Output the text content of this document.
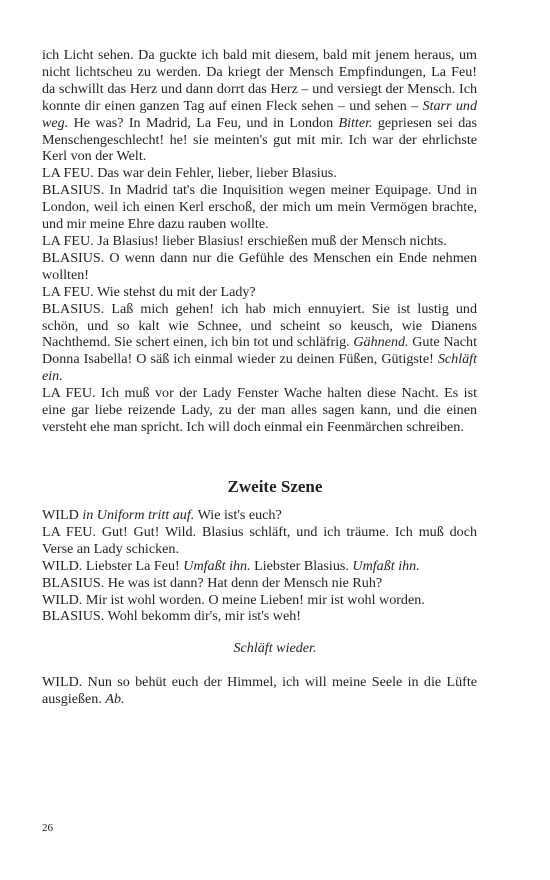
ich Licht sehen. Da guckte ich bald mit diesem, bald mit jenem heraus, um nicht lichtscheu zu werden. Da kriegt der Mensch Empfindungen, La Feu! da schwillt das Herz und dann dorrt das Herz – und versiegt der Mensch. Ich konnte dir einen ganzen Tag auf einen Fleck sehen – und sehen – Starr und weg. He was? In Madrid, La Feu, und in London Bitter. gepriesen sei das Menschengeschlecht! he! sie meinten's gut mit mir. Ich war der ehrlichste Kerl von der Welt.

LA FEU. Das war dein Fehler, lieber, lieber Blasius.

BLASIUS. In Madrid tat's die Inquisition wegen meiner Equipage. Und in London, weil ich einen Kerl erschoß, der mich um mein Vermögen brachte, und mir meine Ehre dazu rauben wollte.

LA FEU. Ja Blasius! lieber Blasius! erschießen muß der Mensch nichts.

BLASIUS. O wenn dann nur die Gefühle des Menschen ein Ende nehmen wollten!

LA FEU. Wie stehst du mit der Lady?

BLASIUS. Laß mich gehen! ich hab mich ennuyiert. Sie ist lustig und schön, und so kalt wie Schnee, und scheint so keusch, wie Dianens Nachthemd. Sie schert einen, ich bin tot und schläfrig. Gähnend. Gute Nacht Donna Isabella! O säß ich einmal wieder zu deinen Füßen, Gütigste! Schläft ein.

LA FEU. Ich muß vor der Lady Fenster Wache halten diese Nacht. Es ist eine gar liebe reizende Lady, zu der man alles sagen kann, und die einen versteht ehe man spricht. Ich will doch einmal ein Feenmärchen schreiben.

Zweite Szene

WILD in Uniform tritt auf. Wie ist's euch?

LA FEU. Gut! Gut! Wild. Blasius schläft, und ich träume. Ich muß doch Verse an Lady schicken.

WILD. Liebster La Feu! Umfaßt ihn. Liebster Blasius. Umfaßt ihn.

BLASIUS. He was ist dann? Hat denn der Mensch nie Ruh?

WILD. Mir ist wohl worden. O meine Lieben! mir ist wohl worden.

BLASIUS. Wohl bekomm dir's, mir ist's weh!

Schläft wieder.

WILD. Nun so behüt euch der Himmel, ich will meine Seele in die Lüfte ausgießen. Ab.

26
